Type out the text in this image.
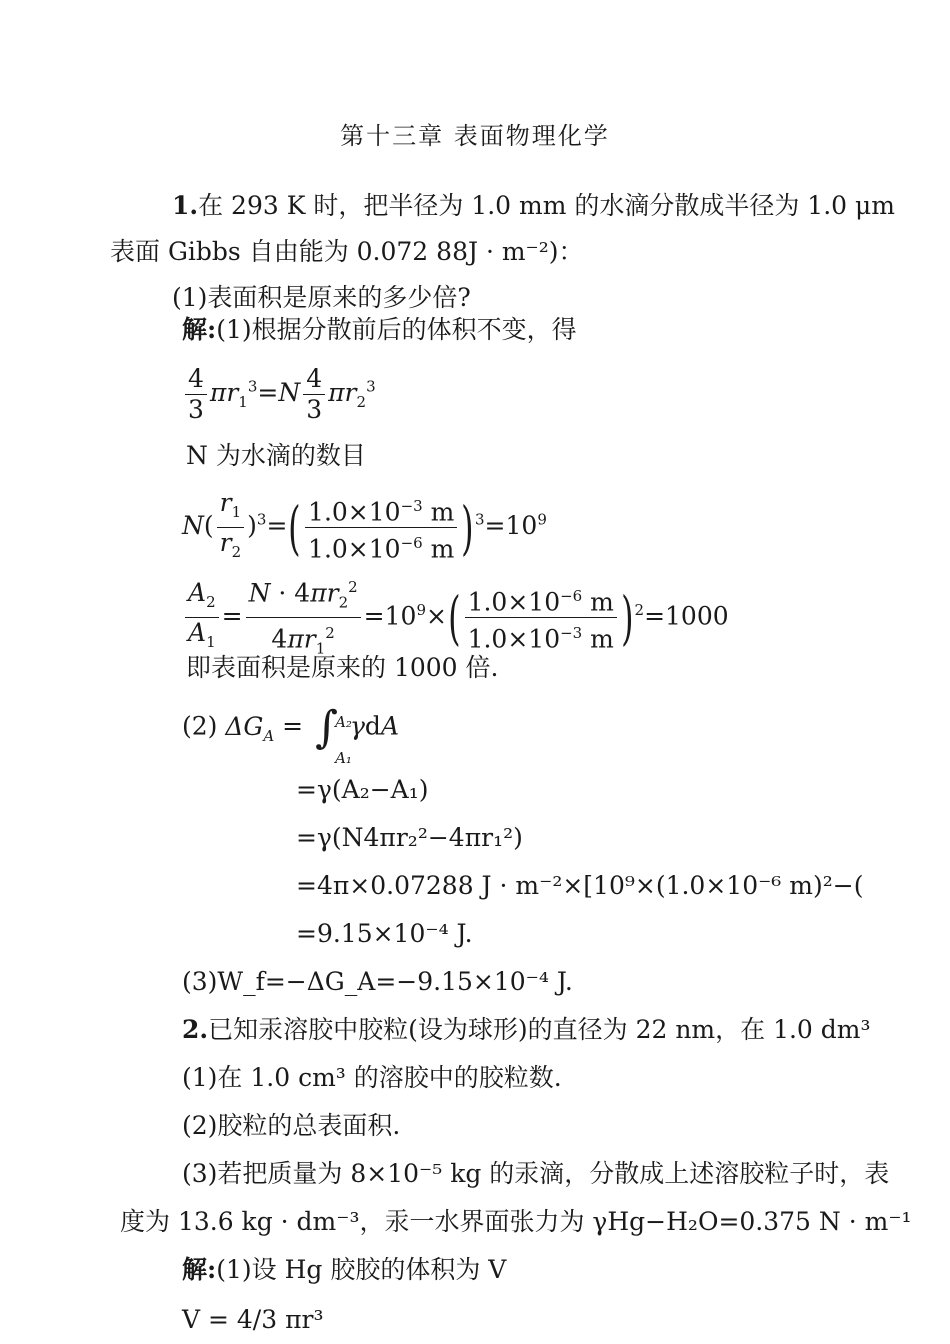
第十三章 表面物理化学
1.在 293 K 时，把半径为 1.0 mm 的水滴分散成半径为 1.0 μm
表面 Gibbs 自由能为 0.072 88J · m⁻²)：
(1)表面积是原来的多少倍?
解:(1)根据分散前后的体积不变，得
$\frac{4}{3} \pi r_1^3=N \frac{4}{3} \pi r_2^3$
N 为水滴的数目
$N( \frac{r_1}{r_2} )^3=( \frac{1.0\times 10^{-3} m}{1.0\times 10^{-6} m} )^3=10^9$
$\frac{A_2}{A_1} = \frac{N \cdot 4\pi r_2^2}{4\pi r_1^2} =10^9\times( \frac{1.0\times 10^{-6} m}{1.0\times 10^{-3} m} )^2=1000$
即表面积是原来的 1000 倍.
(2) $\Delta G_A$ = ∫
A₂
A₁
γdA
=γ(A₂−A₁)
=γ(N4πr₂²−4πr₁²)
=4π×0.07288 J · m⁻²×[10⁹×(1.0×10⁻⁶ m)²−(
=9.15×10⁻⁴ J.
(3)W_f=−ΔG_A=−9.15×10⁻⁴ J.
2.已知汞溶胶中胶粒(设为球形)的直径为 22 nm，在 1.0 dm³
(1)在 1.0 cm³ 的溶胶中的胶粒数.
(2)胶粒的总表面积.
(3)若把质量为 8×10⁻⁵ kg 的汞滴，分散成上述溶胶粒子时，表
度为 13.6 kg · dm⁻³，汞一水界面张力为 γHg−H₂O=0.375 N · m⁻¹
解:(1)设 Hg 胶胶的体积为 V
V = 4/3 πr³
